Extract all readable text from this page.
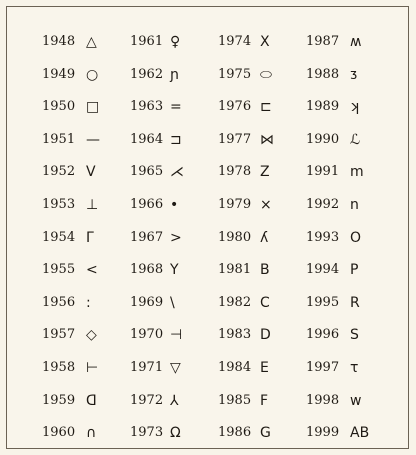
1948 △	1961 ♀	1974 X	1987 ʍ
1949 ○	1962 ɲ	1975 ⬭	1988 ᴣ
1950 □	1963 =	1976 ⊏	1989 ʞ
1951 —	1964 ⊐	1977 ⋈	1990 ℒ
1952 V	1965 ⋌	1978 Z	1991 m
1953 ⊥	1966 •	1979 ×	1992 n
1954 Γ	1967 >	1980 ʎ	1993 O
1955 <	1968 Y	1981 B	1994 P
1956 :	1969 \	1982 C	1995 R
1957 ◇	1970 ⊣	1983 D	1996 S
1958 ⊢	1971 ▽	1984 E	1997 τ
1959 ᗡ	1972 ⅄	1985 F	1998 w
1960 ∩	1973 Ω	1986 G	1999 AB
